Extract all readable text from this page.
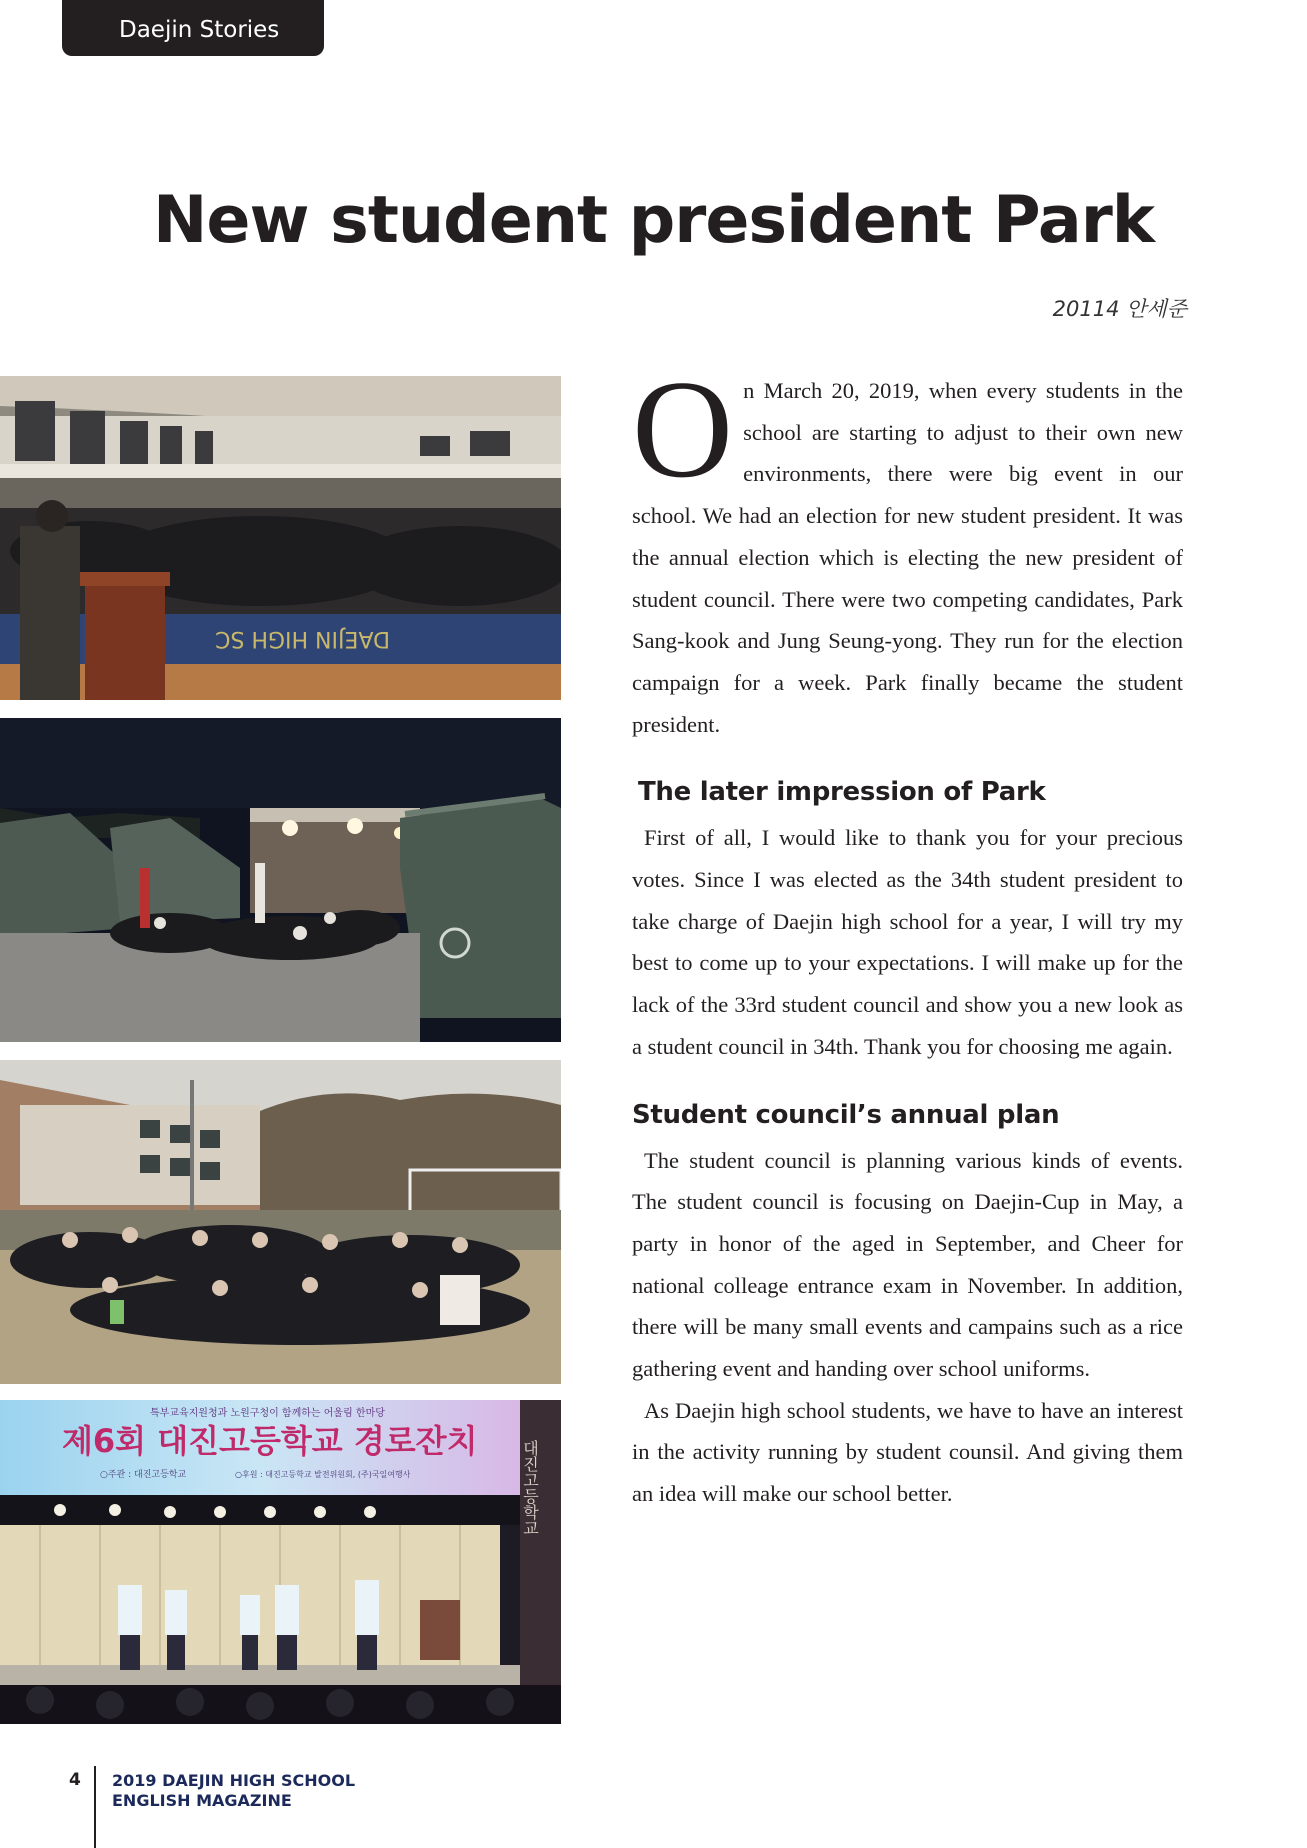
Daejin Stories
New student president Park
20114 안세준
DAEJIN HIGH SC
특부교육지원청과 노원구청이 함께하는 어울림 한마당
제6회 대진고등학교 경로잔치
○주관 : 대진고등학교	○후원 : 대진고등학교 발전위원회, (주)국일여행사	대진고등학교

On March 20, 2019, when every students in the school are starting to adjust to their own new environments, there were big event in our school. We had an election for new student president. It was the annual election which is electing the new president of student council. There were two competing candidates, Park Sang-kook and Jung Seung-yong. They run for the election campaign for a week. Park finally became the student president.

The later impression of Park

First of all, I would like to thank you for your precious votes. Since I was elected as the 34th student president to take charge of Daejin high school for a year, I will try my best to come up to your expectations. I will make up for the lack of the 33rd student council and show you a new look as a student council in 34th. Thank you for choosing me again.

Student council’s annual plan

The student council is planning various kinds of events. The student council is focusing on Daejin-Cup in May, a party in honor of the aged in September, and Cheer for national colleage entrance exam in November. In addition, there will be many small events and campains such as a rice gathering event and handing over school uniforms.

As Daejin high school students, we have to have an interest in the activity running by student counsil. And giving them an idea will make our school better.

4 2019 DAEJIN HIGH SCHOOL
ENGLISH MAGAZINE
